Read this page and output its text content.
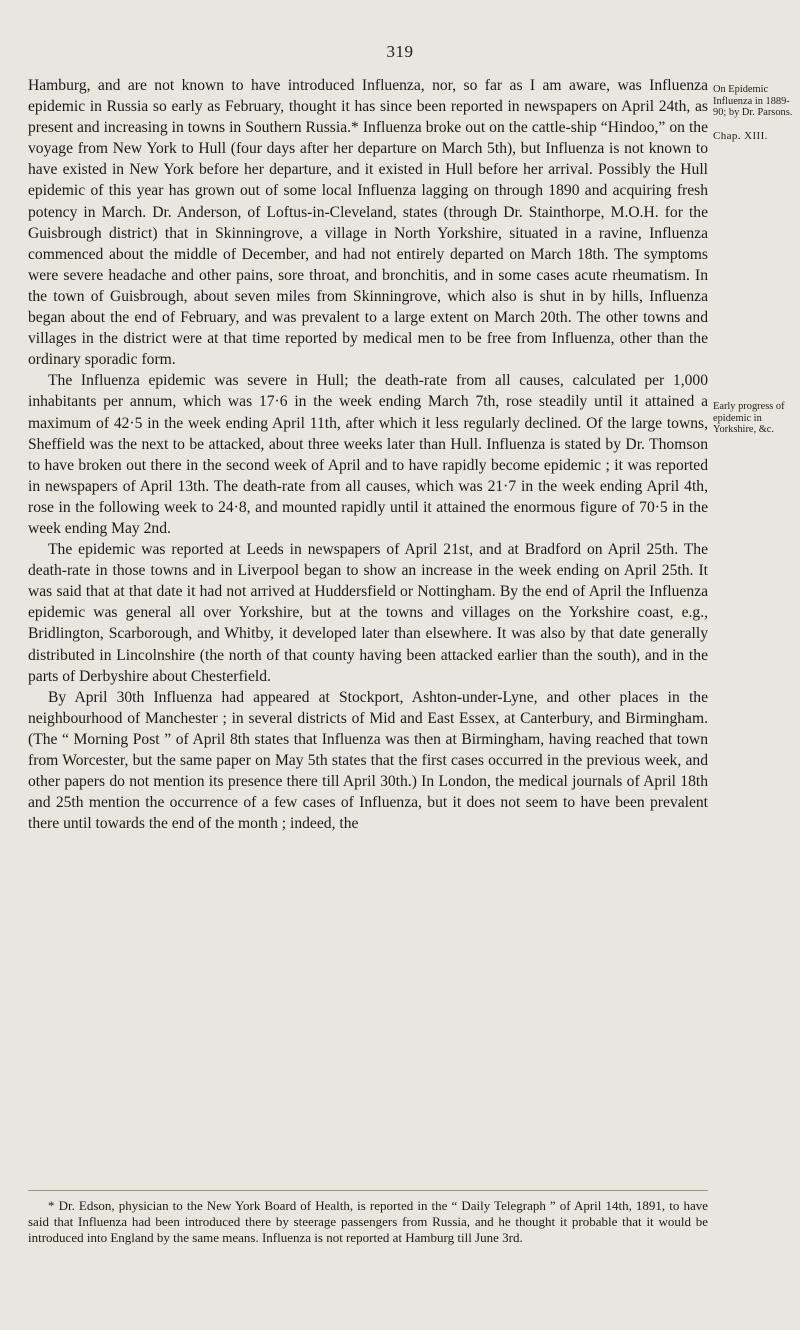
319

Hamburg, and are not known to have introduced Influenza, nor, so far as I am aware, was Influenza epidemic in Russia so early as February, thought it has since been reported in newspapers on April 24th, as present and increasing in towns in Southern Russia.* Influenza broke out on the cattle-ship “Hindoo,” on the voyage from New York to Hull (four days after her departure on March 5th), but Influenza is not known to have existed in New York before her departure, and it existed in Hull before her arrival. Possibly the Hull epidemic of this year has grown out of some local Influenza lagging on through 1890 and acquiring fresh potency in March. Dr. Anderson, of Loftus-in-Cleveland, states (through Dr. Stainthorpe, M.O.H. for the Guisbrough district) that in Skinningrove, a village in North Yorkshire, situated in a ravine, Influenza commenced about the middle of December, and had not entirely departed on March 18th. The symptoms were severe headache and other pains, sore throat, and bronchitis, and in some cases acute rheumatism. In the town of Guisbrough, about seven miles from Skinningrove, which also is shut in by hills, Influenza began about the end of February, and was prevalent to a large extent on March 20th. The other towns and villages in the district were at that time reported by medical men to be free from Influenza, other than the ordinary sporadic form.

The Influenza epidemic was severe in Hull; the death-rate from all causes, calculated per 1,000 inhabitants per annum, which was 17·6 in the week ending March 7th, rose steadily until it attained a maximum of 42·5 in the week ending April 11th, after which it less regularly declined. Of the large towns, Sheffield was the next to be attacked, about three weeks later than Hull. Influenza is stated by Dr. Thomson to have broken out there in the second week of April and to have rapidly become epidemic ; it was reported in newspapers of April 13th. The death-rate from all causes, which was 21·7 in the week ending April 4th, rose in the following week to 24·8, and mounted rapidly until it attained the enormous figure of 70·5 in the week ending May 2nd.

The epidemic was reported at Leeds in newspapers of April 21st, and at Bradford on April 25th. The death-rate in those towns and in Liverpool began to show an increase in the week ending on April 25th. It was said that at that date it had not arrived at Huddersfield or Nottingham. By the end of April the Influenza epidemic was general all over Yorkshire, but at the towns and villages on the Yorkshire coast, e.g., Bridlington, Scarborough, and Whitby, it developed later than elsewhere. It was also by that date generally distributed in Lincolnshire (the north of that county having been attacked earlier than the south), and in the parts of Derbyshire about Chesterfield.

By April 30th Influenza had appeared at Stockport, Ashton-under-Lyne, and other places in the neighbourhood of Manchester ; in several districts of Mid and East Essex, at Canterbury, and Birmingham. (The “ Morning Post ” of April 8th states that Influenza was then at Birmingham, having reached that town from Worcester, but the same paper on May 5th states that the first cases occurred in the previous week, and other papers do not mention its presence there till April 30th.) In London, the medical journals of April 18th and 25th mention the occurrence of a few cases of Influenza, but it does not seem to have been prevalent there until towards the end of the month ; indeed, the

On Epidemic Influenza in 1889-90; by Dr. Parsons.
Chap. XIII.
Early progress of epidemic in Yorkshire, &c.
* Dr. Edson, physician to the New York Board of Health, is reported in the “ Daily Telegraph ” of April 14th, 1891, to have said that Influenza had been introduced there by steerage passengers from Russia, and he thought it probable that it would be introduced into England by the same means. Influenza is not reported at Hamburg till June 3rd.
